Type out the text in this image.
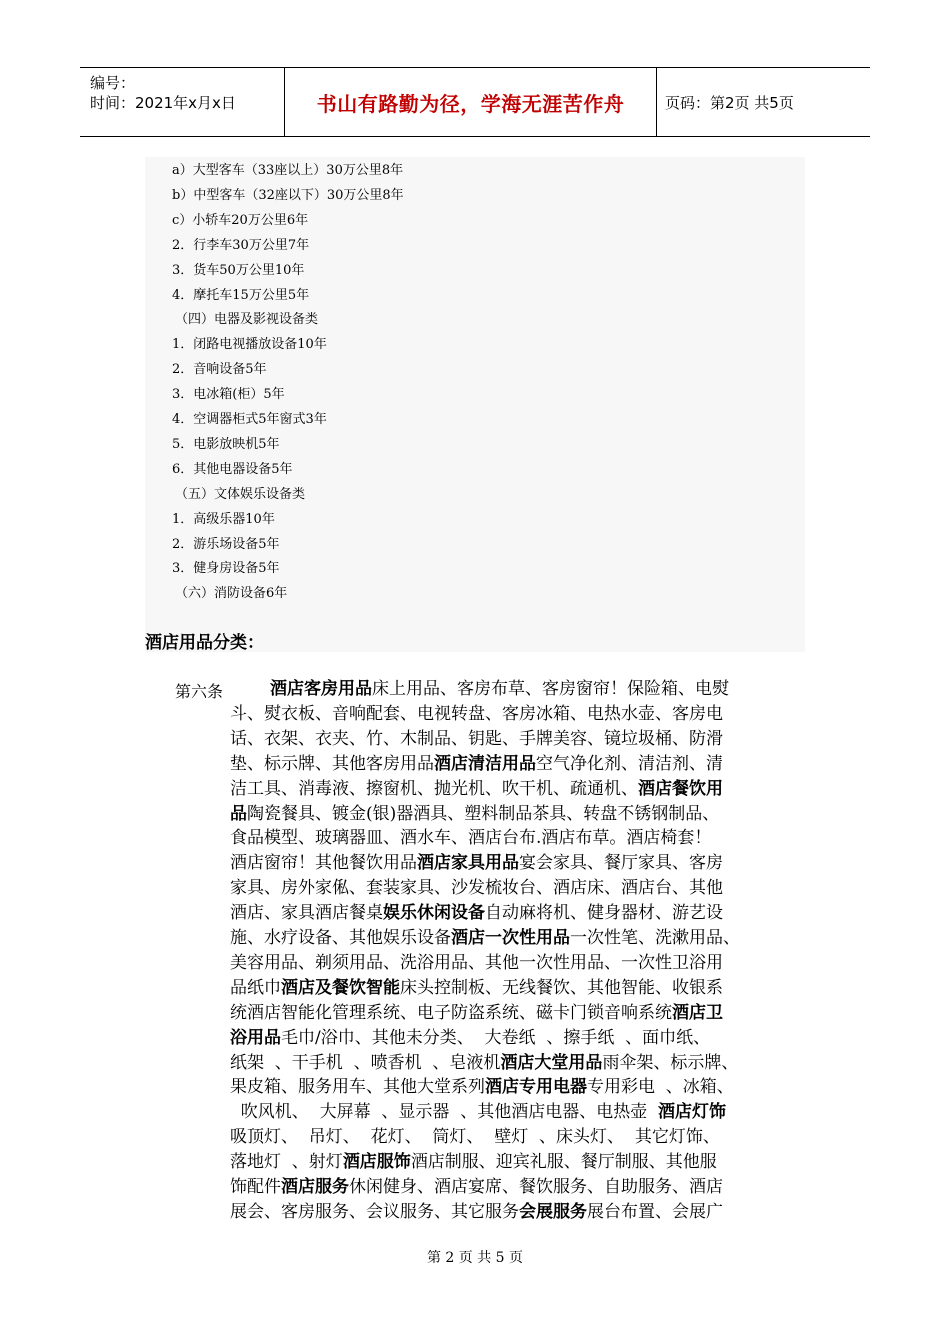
编号：
时间：2021年x月x日	书山有路勤为径，学海无涯苦作舟	页码：第2页 共5页
a）大型客车（33座以上）30万公里8年
b）中型客车（32座以下）30万公里8年
c）小轿车20万公里6年
2．行李车30万公里7年
3．货车50万公里10年
4．摩托车15万公里5年
（四）电器及影视设备类
1．闭路电视播放设备10年
2．音响设备5年
3．电冰箱(柜）5年
4．空调器柜式5年窗式3年
5．电影放映机5年
6．其他电器设备5年
（五）文体娱乐设备类
1．高级乐器10年
2．游乐场设备5年
3．健身房设备5年
（六）消防设备6年
酒店用品分类：
第六条	酒店客房用品床上用品、客房布草、客房窗帘！保险箱、电熨
斗、熨衣板、音响配套、电视转盘、客房冰箱、电热水壶、客房电
话、衣架、衣夹、竹、木制品、钥匙、手牌美容、镜垃圾桶、防滑
垫、标示牌、其他客房用品酒店清洁用品空气净化剂、清洁剂、清
洁工具、消毒液、擦窗机、抛光机、吹干机、疏通机、酒店餐饮用
品陶瓷餐具、镀金(银)器酒具、塑料制品茶具、转盘不锈钢制品、
食品模型、玻璃器皿、酒水车、酒店台布.酒店布草。酒店椅套！
酒店窗帘！其他餐饮用品酒店家具用品宴会家具、餐厅家具、客房
家具、房外家俬、套装家具、沙发梳妆台、酒店床、酒店台、其他
酒店、家具酒店餐桌娱乐休闲设备自动麻将机、健身器材、游艺设
施、水疗设备、其他娱乐设备酒店一次性用品一次性笔、洗漱用品、
美容用品、剃须用品、洗浴用品、其他一次性用品、一次性卫浴用
品纸巾酒店及餐饮智能床头控制板、无线餐饮、其他智能、收银系
统酒店智能化管理系统、电子防盗系统、磁卡门锁音响系统酒店卫
浴用品毛巾/浴巾、其他未分类、  大卷纸  、擦手纸  、面巾纸、
纸架  、干手机  、喷香机  、皂液机酒店大堂用品雨伞架、标示牌、
果皮箱、服务用车、其他大堂系列酒店专用电器专用彩电  、冰箱、
吹风机、  大屏幕  、显示器  、其他酒店电器、电热壶  酒店灯饰
吸顶灯、  吊灯、  花灯、  筒灯、  壁灯  、床头灯、  其它灯饰、
落地灯  、射灯酒店服饰酒店制服、迎宾礼服、餐厅制服、其他服
饰配件酒店服务休闲健身、酒店宴席、餐饮服务、自助服务、酒店
展会、客房服务、会议服务、其它服务会展服务展台布置、会展广
第 2 页 共 5 页
